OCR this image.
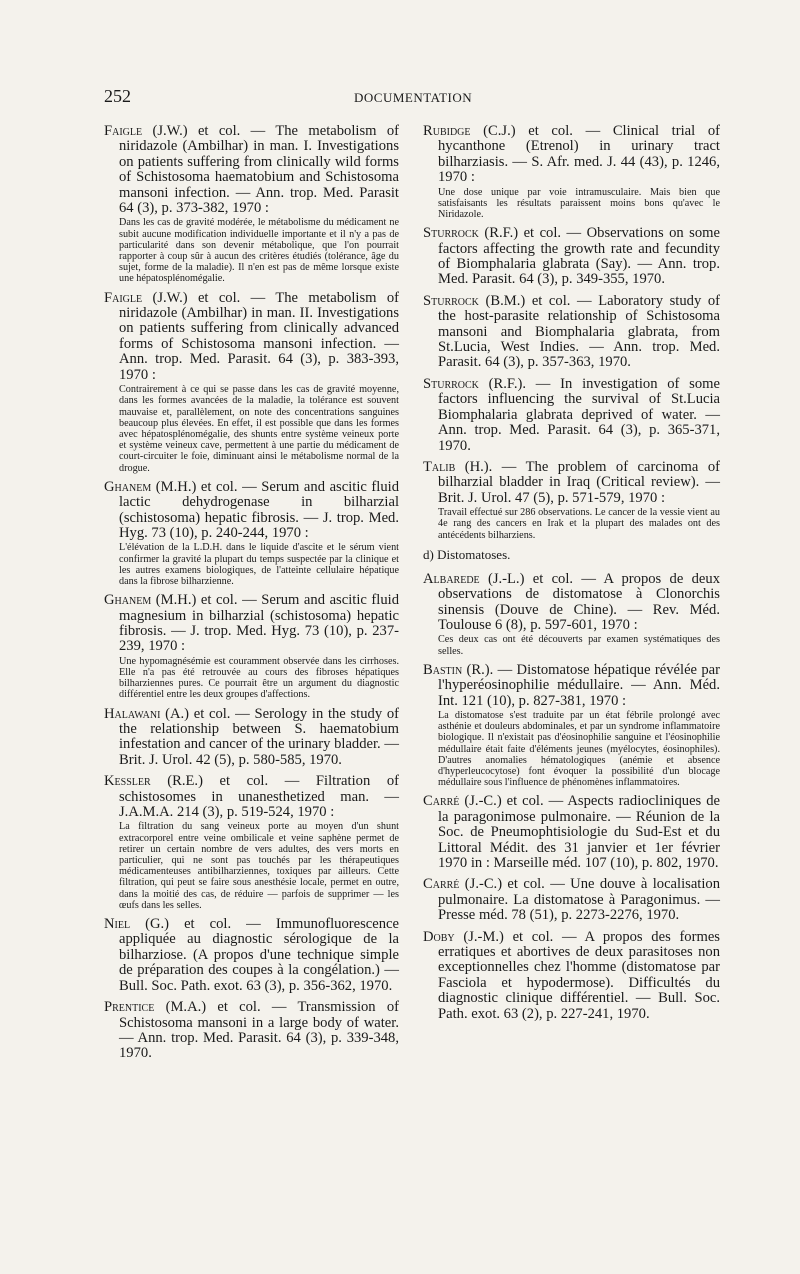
252	DOCUMENTATION

Faigle (J.W.) et col. — The metabolism of niridazole (Ambilhar) in man. I. Investigations on patients suffering from clinically wild forms of Schistosoma haematobium and Schistosoma mansoni infection. — Ann. trop. Med. Parasit 64 (3), p. 373-382, 1970 :

Dans les cas de gravité modérée, le métabolisme du médicament ne subit aucune modification individuelle importante et il n'y a pas de particularité dans son devenir métabolique, que l'on pourrait rapporter à coup sûr à aucun des critères étudiés (tolérance, âge du sujet, forme de la maladie). Il n'en est pas de même lorsque existe une hépatosplénomégalie.

Faigle (J.W.) et col. — The metabolism of niridazole (Ambilhar) in man. II. Investigations on patients suffering from clinically advanced forms of Schistosoma mansoni infection. — Ann. trop. Med. Parasit. 64 (3), p. 383-393, 1970 :

Contrairement à ce qui se passe dans les cas de gravité moyenne, dans les formes avancées de la maladie, la tolérance est souvent mauvaise et, parallèlement, on note des concentrations sanguines beaucoup plus élevées. En effet, il est possible que dans les formes avec hépatosplénomégalie, des shunts entre système veineux porte et système veineux cave, permettent à une partie du médicament de court-circuiter le foie, diminuant ainsi le métabolisme normal de la drogue.

Ghanem (M.H.) et col. — Serum and ascitic fluid lactic dehydrogenase in bilharzial (schistosoma) hepatic fibrosis. — J. trop. Med. Hyg. 73 (10), p. 240-244, 1970 :

L'élévation de la L.D.H. dans le liquide d'ascite et le sérum vient confirmer la gravité la plupart du temps suspectée par la clinique et les autres examens biologiques, de l'atteinte cellulaire hépatique dans la fibrose bilharzienne.

Ghanem (M.H.) et col. — Serum and ascitic fluid magnesium in bilharzial (schistosoma) hepatic fibrosis. — J. trop. Med. Hyg. 73 (10), p. 237-239, 1970 :

Une hypomagnésémie est couramment observée dans les cirrhoses. Elle n'a pas été retrouvée au cours des fibroses hépatiques bilharziennes pures. Ce pourrait être un argument du diagnostic différentiel entre les deux groupes d'affections.

Halawani (A.) et col. — Serology in the study of the relationship between S. haematobium infestation and cancer of the urinary bladder. — Brit. J. Urol. 42 (5), p. 580-585, 1970.

Kessler (R.E.) et col. — Filtration of schistosomes in unanesthetized man. — J.A.M.A. 214 (3), p. 519-524, 1970 :

La filtration du sang veineux porte au moyen d'un shunt extracorporel entre veine ombilicale et veine saphène permet de retirer un certain nombre de vers adultes, des vers morts en particulier, qui ne sont pas touchés par les thérapeutiques médicamenteuses antibilharziennes, toxiques par ailleurs. Cette filtration, qui peut se faire sous anesthésie locale, permet en outre, dans la moitié des cas, de réduire — parfois de supprimer — les œufs dans les selles.

Niel (G.) et col. — Immunofluorescence appliquée au diagnostic sérologique de la bilharziose. (A propos d'une technique simple de préparation des coupes à la congélation.) — Bull. Soc. Path. exot. 63 (3), p. 356-362, 1970.

Prentice (M.A.) et col. — Transmission of Schistosoma mansoni in a large body of water. — Ann. trop. Med. Parasit. 64 (3), p. 339-348, 1970.

Rubidge (C.J.) et col. — Clinical trial of hycanthone (Etrenol) in urinary tract bilharziasis. — S. Afr. med. J. 44 (43), p. 1246, 1970 :

Une dose unique par voie intramusculaire. Mais bien que satisfaisants les résultats paraissent moins bons qu'avec le Niridazole.

Sturrock (R.F.) et col. — Observations on some factors affecting the growth rate and fecundity of Biomphalaria glabrata (Say). — Ann. trop. Med. Parasit. 64 (3), p. 349-355, 1970.

Sturrock (B.M.) et col. — Laboratory study of the host-parasite relationship of Schistosoma mansoni and Biomphalaria glabrata, from St.Lucia, West Indies. — Ann. trop. Med. Parasit. 64 (3), p. 357-363, 1970.

Sturrock (R.F.). — In investigation of some factors influencing the survival of St.Lucia Biomphalaria glabrata deprived of water. — Ann. trop. Med. Parasit. 64 (3), p. 365-371, 1970.

Talib (H.). — The problem of carcinoma of bilharzial bladder in Iraq (Critical review). — Brit. J. Urol. 47 (5), p. 571-579, 1970 :

Travail effectué sur 286 observations. Le cancer de la vessie vient au 4e rang des cancers en Irak et la plupart des malades ont des antécédents bilharziens.

d) Distomatoses.

Albarede (J.-L.) et col. — A propos de deux observations de distomatose à Clonorchis sinensis (Douve de Chine). — Rev. Méd. Toulouse 6 (8), p. 597-601, 1970 :

Ces deux cas ont été découverts par examen systématiques des selles.

Bastin (R.). — Distomatose hépatique révélée par l'hyperéosinophilie médullaire. — Ann. Méd. Int. 121 (10), p. 827-381, 1970 :

La distomatose s'est traduite par un état fébrile prolongé avec asthénie et douleurs abdominales, et par un syndrome inflammatoire biologique. Il n'existait pas d'éosinophilie sanguine et l'éosinophilie médullaire était faite d'éléments jeunes (myélocytes, éosinophiles). D'autres anomalies hématologiques (anémie et absence d'hyperleucocytose) font évoquer la possibilité d'un blocage médullaire sous l'influence de phénomènes inflammatoires.

Carré (J.-C.) et col. — Aspects radiocliniques de la paragonimose pulmonaire. — Réunion de la Soc. de Pneumophtisiologie du Sud-Est et du Littoral Médit. des 31 janvier et 1er février 1970 in : Marseille méd. 107 (10), p. 802, 1970.

Carré (J.-C.) et col. — Une douve à localisation pulmonaire. La distomatose à Paragonimus. — Presse méd. 78 (51), p. 2273-2276, 1970.

Doby (J.-M.) et col. — A propos des formes erratiques et abortives de deux parasitoses non exceptionnelles chez l'homme (distomatose par Fasciola et hypodermose). Difficultés du diagnostic clinique différentiel. — Bull. Soc. Path. exot. 63 (2), p. 227-241, 1970.
